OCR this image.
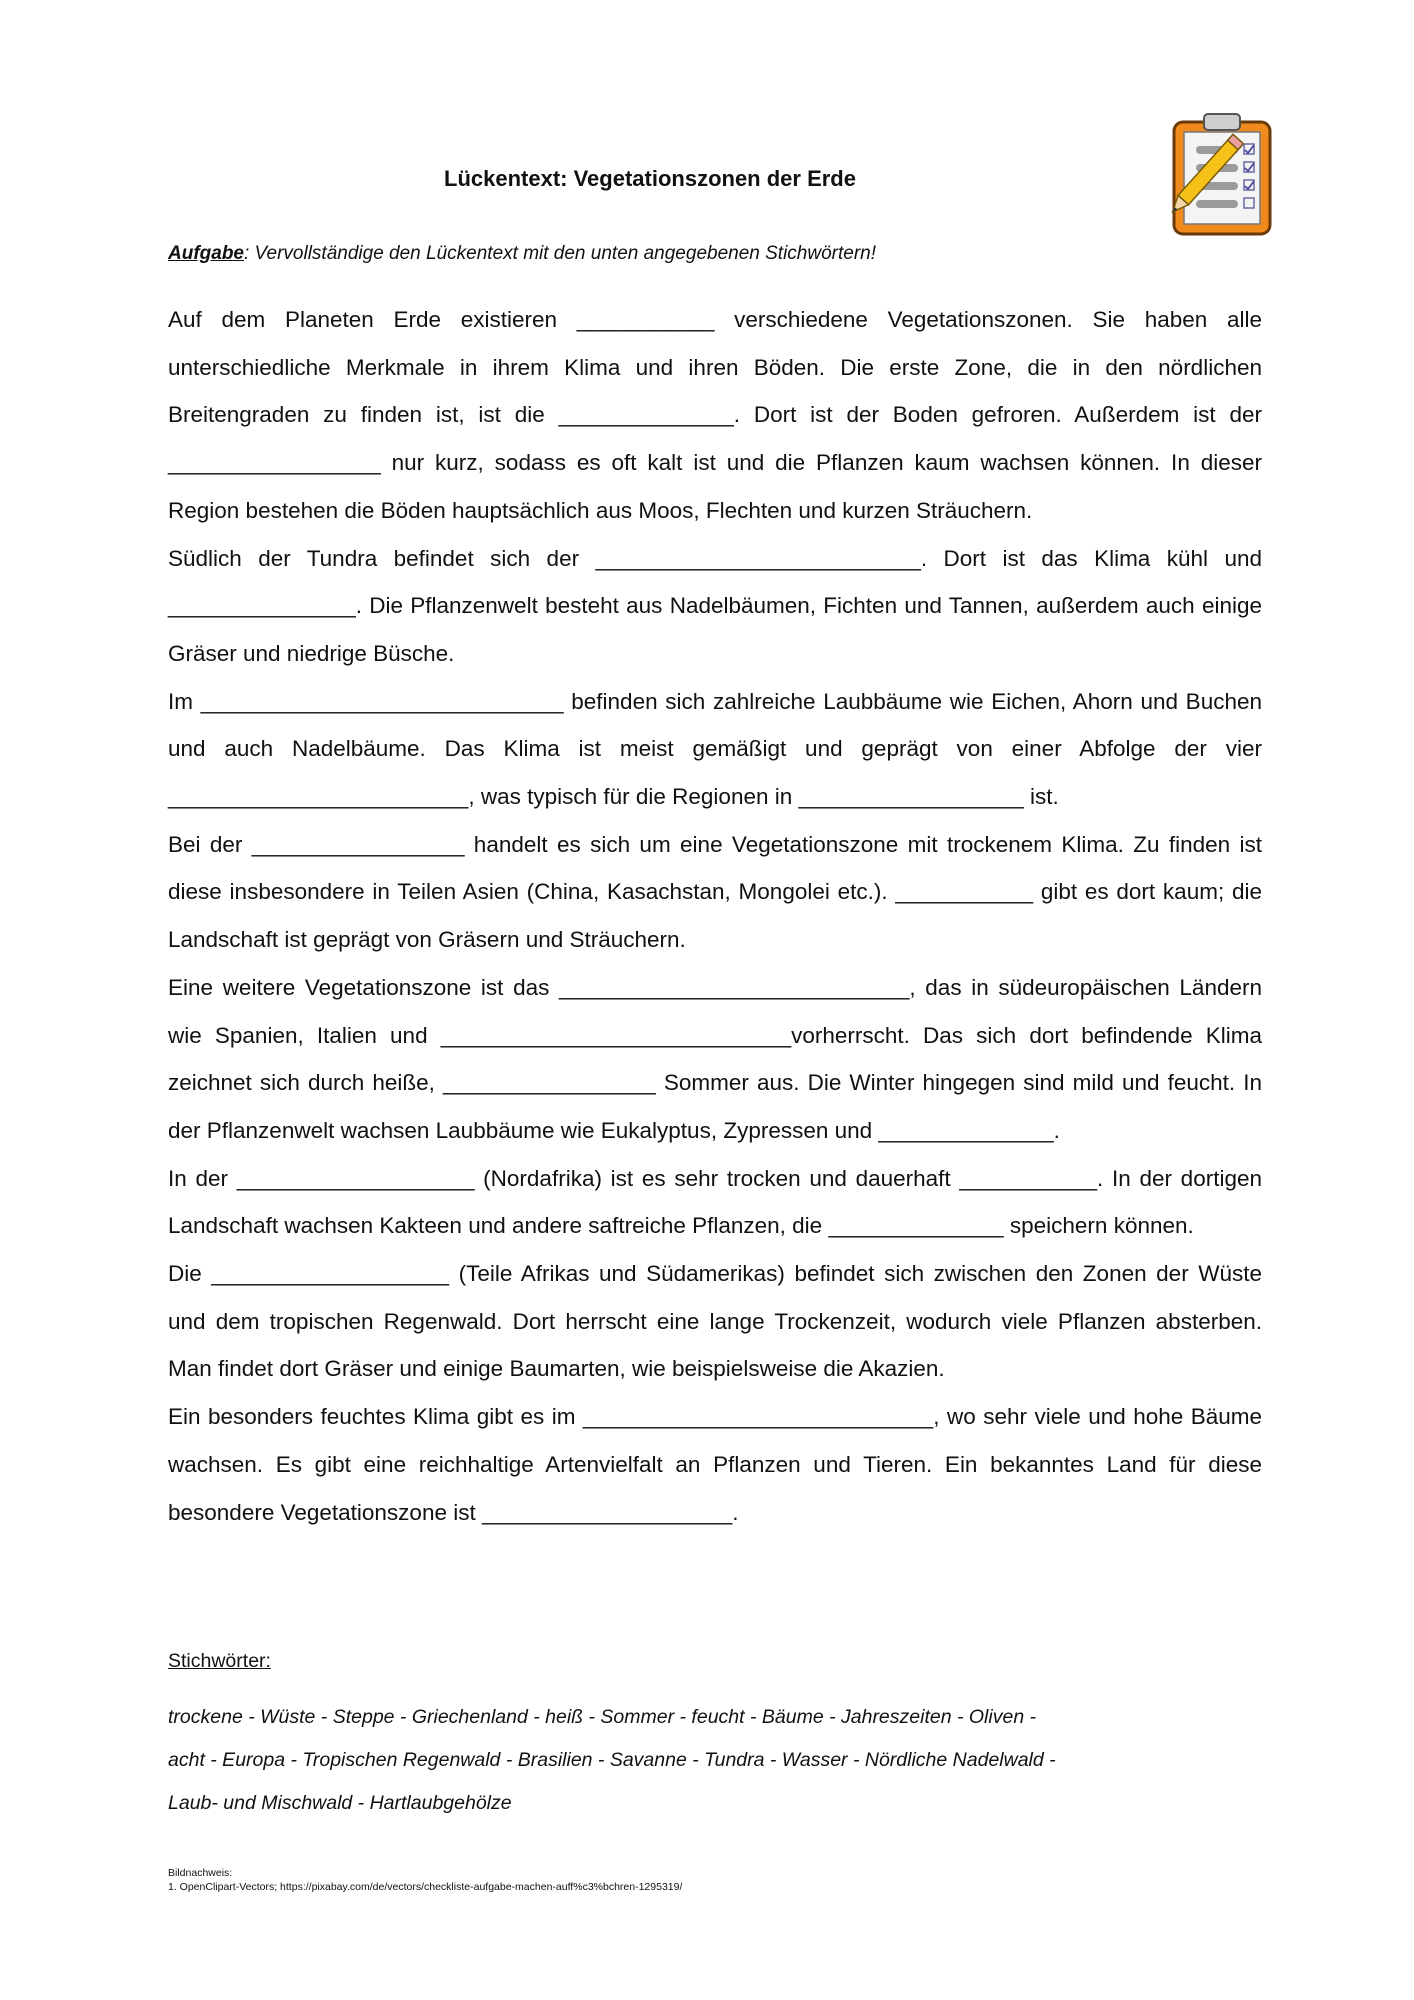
Lückentext: Vegetationszonen der Erde
Aufgabe: Vervollständige den Lückentext mit den unten angegebenen Stichwörtern!

Auf dem Planeten Erde existieren ___________ verschiedene Vegetationszonen. Sie haben alle unterschiedliche Merkmale in ihrem Klima und ihren Böden. Die erste Zone, die in den nördlichen Breitengraden zu finden ist, ist die ______________. Dort ist der Boden gefroren. Außerdem ist der _________________ nur kurz, sodass es oft kalt ist und die Pflanzen kaum wachsen können. In dieser Region bestehen die Böden hauptsächlich aus Moos, Flechten und kurzen Sträuchern.

Südlich der Tundra befindet sich der __________________________. Dort ist das Klima kühl und _______________. Die Pflanzenwelt besteht aus Nadelbäumen, Fichten und Tannen, außerdem auch einige Gräser und niedrige Büsche.

Im _____________________________ befinden sich zahlreiche Laubbäume wie Eichen, Ahorn und Buchen und auch Nadelbäume. Das Klima ist meist gemäßigt und geprägt von einer Abfolge der vier ________________________, was typisch für die Regionen in __________________ ist.

Bei der _________________ handelt es sich um eine Vegetationszone mit trockenem Klima. Zu finden ist diese insbesondere in Teilen Asien (China, Kasachstan, Mongolei etc.). ___________ gibt es dort kaum; die Landschaft ist geprägt von Gräsern und Sträuchern.

Eine weitere Vegetationszone ist das ____________________________, das in südeuropäischen Ländern wie Spanien, Italien und ____________________________vorherrscht. Das sich dort befindende Klima zeichnet sich durch heiße, _________________ Sommer aus. Die Winter hingegen sind mild und feucht. In der Pflanzenwelt wachsen Laubbäume wie Eukalyptus, Zypressen und ______________.

In der ___________________ (Nordafrika) ist es sehr trocken und dauerhaft ___________. In der dortigen Landschaft wachsen Kakteen und andere saftreiche Pflanzen, die ______________ speichern können.

Die ___________________ (Teile Afrikas und Südamerikas) befindet sich zwischen den Zonen der Wüste und dem tropischen Regenwald. Dort herrscht eine lange Trockenzeit, wodurch viele Pflanzen absterben. Man findet dort Gräser und einige Baumarten, wie beispielsweise die Akazien.

Ein besonders feuchtes Klima gibt es im ____________________________, wo sehr viele und hohe Bäume wachsen. Es gibt eine reichhaltige Artenvielfalt an Pflanzen und Tieren. Ein bekanntes Land für diese besondere Vegetationszone ist ____________________.

Stichwörter:

trockene - Wüste - Steppe - Griechenland - heiß - Sommer - feucht - Bäume - Jahreszeiten - Oliven -

acht - Europa - Tropischen Regenwald - Brasilien - Savanne - Tundra - Wasser - Nördliche Nadelwald -

Laub- und Mischwald - Hartlaubgehölze

Bildnachweis:
1. OpenClipart-Vectors; https://pixabay.com/de/vectors/checkliste-aufgabe-machen-auff%c3%bchren-1295319/
